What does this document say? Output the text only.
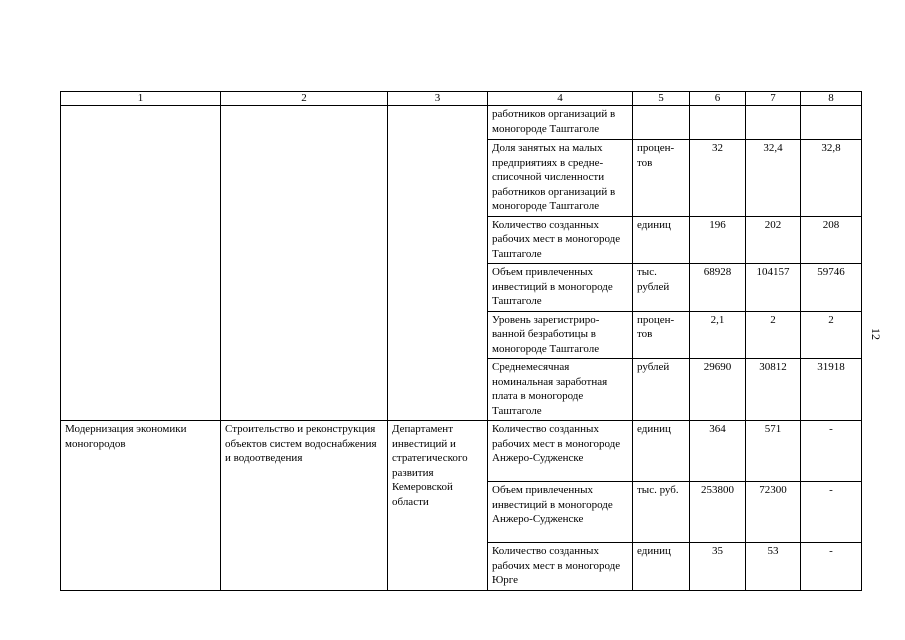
1	2	3	4	5	6	7	8
			работников организаций в моногороде Таштаголе				
			Доля занятых на малых предприятиях в средне-списочной численности работников организаций в моногороде Таштаголе	процен-тов	32	32,4	32,8
			Количество созданных рабочих мест в моногороде Таштаголе	единиц	196	202	208
			Объем привлеченных инвестиций в моногороде Таштаголе	тыс. рублей	68928	104157	59746
			Уровень зарегистриро-ванной безработицы в моногороде Таштаголе	процен-тов	2,1	2	2
			Среднемесячная номинальная заработная плата в моногороде Таштаголе	рублей	29690	30812	31918
Модернизация экономики моногородов	Строительство и реконструкция объектов систем водоснабжения и водоотведения	Департамент инвестиций и стратегического развития Кемеровской области	Количество созданных рабочих мест в моногороде Анжеро-Судженске	единиц	364	571	-
			Объем привлеченных инвестиций в моногороде Анжеро-Судженске	тыс. руб.	253800	72300	-
			Количество созданных рабочих мест в моногороде Юрге	единиц	35	53	-
12
